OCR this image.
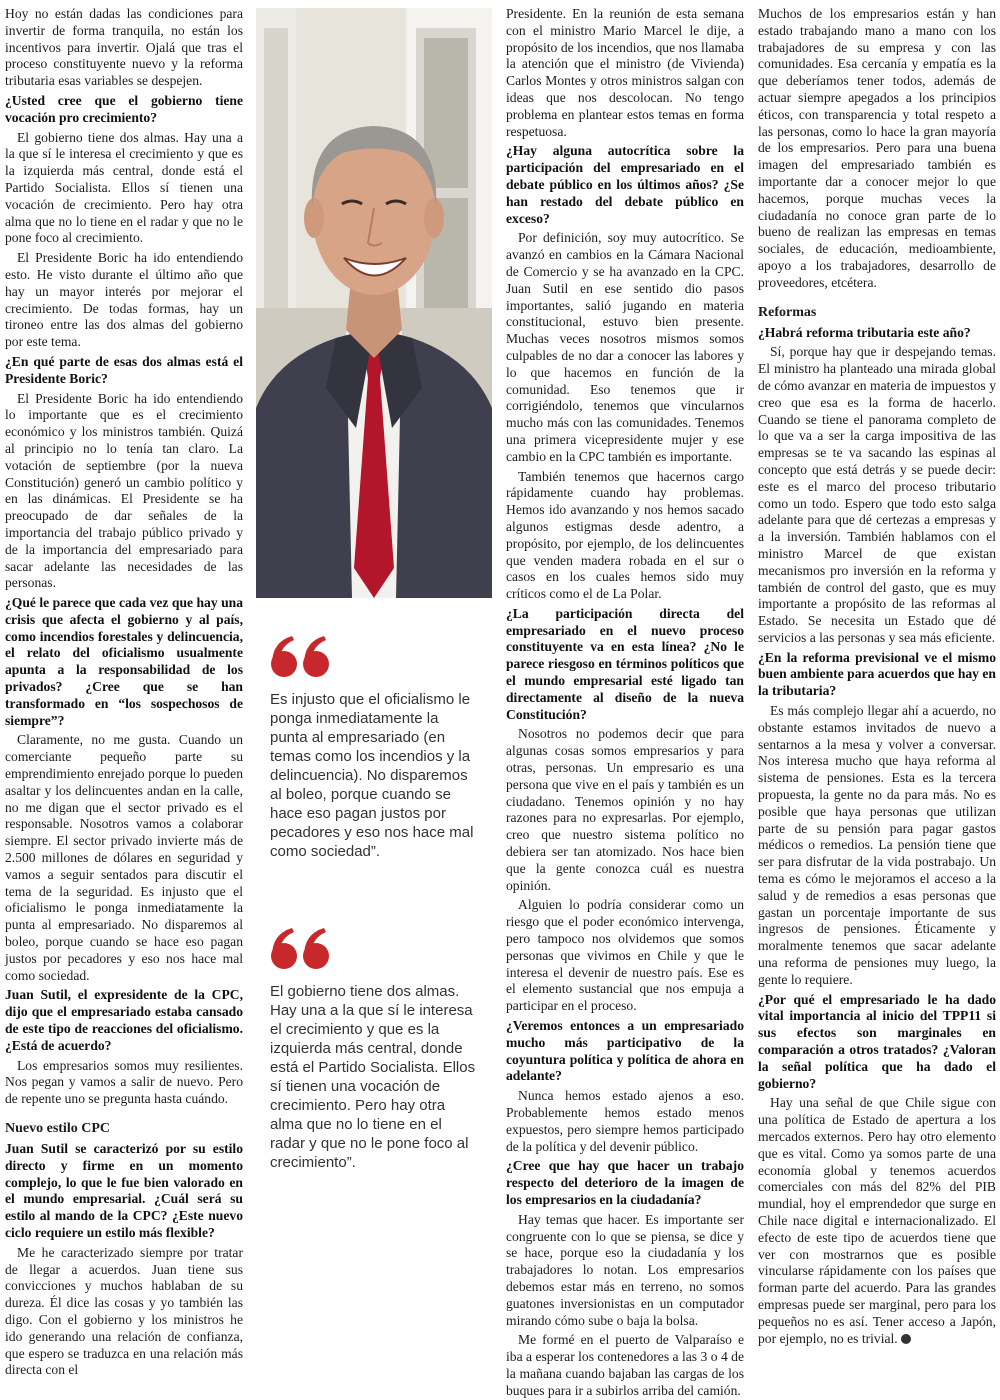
Hoy no están dadas las condiciones para invertir de forma tranquila, no están los incentivos para invertir. Ojalá que tras el proceso constituyente nuevo y la reforma tributaria esas variables se despejen.

¿Usted cree que el gobierno tiene vocación pro crecimiento?

El gobierno tiene dos almas. Hay una a la que sí le interesa el crecimiento y que es la izquierda más central, donde está el Partido Socialista. Ellos sí tienen una vocación de crecimiento. Pero hay otra alma que no lo tiene en el radar y que no le pone foco al crecimiento.

El Presidente Boric ha ido entendiendo esto. He visto durante el último año que hay un mayor interés por mejorar el crecimiento. De todas formas, hay un tironeo entre las dos almas del gobierno por este tema.

¿En qué parte de esas dos almas está el Presidente Boric?

El Presidente Boric ha ido entendiendo lo importante que es el crecimiento económico y los ministros también. Quizá al principio no lo tenía tan claro. La votación de septiembre (por la nueva Constitución) generó un cambio político y en las dinámicas. El Presidente se ha preocupado de dar señales de la importancia del trabajo público privado y de la importancia del empresariado para sacar adelante las necesidades de las personas.

¿Qué le parece que cada vez que hay una crisis que afecta el gobierno y al país, como incendios forestales y delincuencia, el relato del oficialismo usualmente apunta a la responsabilidad de los privados? ¿Cree que se han transformado en “los sospechosos de siempre”?

Claramente, no me gusta. Cuando un comerciante pequeño parte su emprendimiento enrejado porque lo pueden asaltar y los delincuentes andan en la calle, no me digan que el sector privado es el responsable. Nosotros vamos a colaborar siempre. El sector privado invierte más de 2.500 millones de dólares en seguridad y vamos a seguir sentados para discutir el tema de la seguridad. Es injusto que el oficialismo le ponga inmediatamente la punta al empresariado. No disparemos al boleo, porque cuando se hace eso pagan justos por pecadores y eso nos hace mal como sociedad.

Juan Sutil, el expresidente de la CPC, dijo que el empresariado estaba cansado de este tipo de reacciones del oficialismo. ¿Está de acuerdo?

Los empresarios somos muy resilientes. Nos pegan y vamos a salir de nuevo. Pero de repente uno se pregunta hasta cuándo.

Nuevo estilo CPC

Juan Sutil se caracterizó por su estilo directo y firme en un momento complejo, lo que le fue bien valorado en el mundo empresarial. ¿Cuál será su estilo al mando de la CPC? ¿Este nuevo ciclo requiere un estilo más flexible?

Me he caracterizado siempre por tratar de llegar a acuerdos. Juan tiene sus convicciones y muchos hablaban de su dureza. Él dice las cosas y yo también las digo. Con el gobierno y los ministros he ido generando una relación de confianza, que espero se traduzca en una relación más directa con el

Es injusto que el oficialismo le ponga inmediatamente la punta al empresariado (en temas como los incendios y la delincuencia). No disparemos al boleo, porque cuando se hace eso pagan justos por pecadores y eso nos hace mal como sociedad”.
El gobierno tiene dos almas. Hay una a la que sí le interesa el crecimiento y que es la izquierda más central, donde está el Partido Socialista. Ellos sí tienen una vocación de crecimiento. Pero hay otra alma que no lo tiene en el radar y que no le pone foco al crecimiento”.

Presidente. En la reunión de esta semana con el ministro Mario Marcel le dije, a propósito de los incendios, que nos llamaba la atención que el ministro (de Vivienda) Carlos Montes y otros ministros salgan con ideas que nos descolocan. No tengo problema en plantear estos temas en forma respetuosa.

¿Hay alguna autocrítica sobre la participación del empresariado en el debate público en los últimos años? ¿Se han restado del debate público en exceso?

Por definición, soy muy autocrítico. Se avanzó en cambios en la Cámara Nacional de Comercio y se ha avanzado en la CPC. Juan Sutil en ese sentido dio pasos importantes, salió jugando en materia constitucional, estuvo bien presente. Muchas veces nosotros mismos somos culpables de no dar a conocer las labores y lo que hacemos en función de la comunidad. Eso tenemos que ir corrigiéndolo, tenemos que vincularnos mucho más con las comunidades. Tenemos una primera vicepresidente mujer y ese cambio en la CPC también es importante.

También tenemos que hacernos cargo rápidamente cuando hay problemas. Hemos ido avanzando y nos hemos sacado algunos estigmas desde adentro, a propósito, por ejemplo, de los delincuentes que venden madera robada en el sur o casos en los cuales hemos sido muy críticos como el de La Polar.

¿La participación directa del empresariado en el nuevo proceso constituyente va en esta línea? ¿No le parece riesgoso en términos políticos que el mundo empresarial esté ligado tan directamente al diseño de la nueva Constitución?

Nosotros no podemos decir que para algunas cosas somos empresarios y para otras, personas. Un empresario es una persona que vive en el país y también es un ciudadano. Tenemos opinión y no hay razones para no expresarlas. Por ejemplo, creo que nuestro sistema político no debiera ser tan atomizado. Nos hace bien que la gente conozca cuál es nuestra opinión.

Alguien lo podría considerar como un riesgo que el poder económico intervenga, pero tampoco nos olvidemos que somos personas que vivimos en Chile y que le interesa el devenir de nuestro país. Ese es el elemento sustancial que nos empuja a participar en el proceso.

¿Veremos entonces a un empresariado mucho más participativo de la coyuntura política y política de ahora en adelante?

Nunca hemos estado ajenos a eso. Probablemente hemos estado menos expuestos, pero siempre hemos participado de la política y del devenir público.

¿Cree que hay que hacer un trabajo respecto del deterioro de la imagen de los empresarios en la ciudadanía?

Hay temas que hacer. Es importante ser congruente con lo que se piensa, se dice y se hace, porque eso la ciudadanía y los trabajadores lo notan. Los empresarios debemos estar más en terreno, no somos guatones inversionistas en un computador mirando cómo sube o baja la bolsa.

Me formé en el puerto de Valparaíso e iba a esperar los contenedores a las 3 o 4 de la mañana cuando bajaban las cargas de los buques para ir a subirlos arriba del camión.

Muchos de los empresarios están y han estado trabajando mano a mano con los trabajadores de su empresa y con las comunidades. Esa cercanía y empatía es la que deberíamos tener todos, además de actuar siempre apegados a los principios éticos, con transparencia y total respeto a las personas, como lo hace la gran mayoría de los empresarios. Pero para una buena imagen del empresariado también es importante dar a conocer mejor lo que hacemos, porque muchas veces la ciudadanía no conoce gran parte de lo bueno de realizan las empresas en temas sociales, de educación, medioambiente, apoyo a los trabajadores, desarrollo de proveedores, etcétera.

Reformas

¿Habrá reforma tributaria este año?

Sí, porque hay que ir despejando temas. El ministro ha planteado una mirada global de cómo avanzar en materia de impuestos y creo que esa es la forma de hacerlo. Cuando se tiene el panorama completo de lo que va a ser la carga impositiva de las empresas se te va sacando las espinas al concepto que está detrás y se puede decir: este es el marco del proceso tributario como un todo. Espero que todo esto salga adelante para que dé certezas a empresas y a la inversión. También hablamos con el ministro Marcel de que existan mecanismos pro inversión en la reforma y también de control del gasto, que es muy importante a propósito de las reformas al Estado. Se necesita un Estado que dé servicios a las personas y sea más eficiente.

¿En la reforma previsional ve el mismo buen ambiente para acuerdos que hay en la tributaria?

Es más complejo llegar ahí a acuerdo, no obstante estamos invitados de nuevo a sentarnos a la mesa y volver a conversar. Nos interesa mucho que haya reforma al sistema de pensiones. Esta es la tercera propuesta, la gente no da para más. No es posible que haya personas que utilizan parte de su pensión para pagar gastos médicos o remedios. La pensión tiene que ser para disfrutar de la vida postrabajo. Un tema es cómo le mejoramos el acceso a la salud y de remedios a esas personas que gastan un porcentaje importante de sus ingresos de pensiones. Éticamente y moralmente tenemos que sacar adelante una reforma de pensiones muy luego, la gente lo requiere.

¿Por qué el empresariado le ha dado vital importancia al inicio del TPP11 si sus efectos son marginales en comparación a otros tratados? ¿Valoran la señal política que ha dado el gobierno?

Hay una señal de que Chile sigue con una política de Estado de apertura a los mercados externos. Pero hay otro elemento que es vital. Como ya somos parte de una economía global y tenemos acuerdos comerciales con más del 82% del PIB mundial, hoy el emprendedor que surge en Chile nace digital e internacionalizado. El efecto de este tipo de acuerdos tiene que ver con mostrarnos que es posible vincularse rápidamente con los países que forman parte del acuerdo. Para las grandes empresas puede ser marginal, pero para los pequeños no es así. Tener acceso a Japón, por ejemplo, no es trivial. P
